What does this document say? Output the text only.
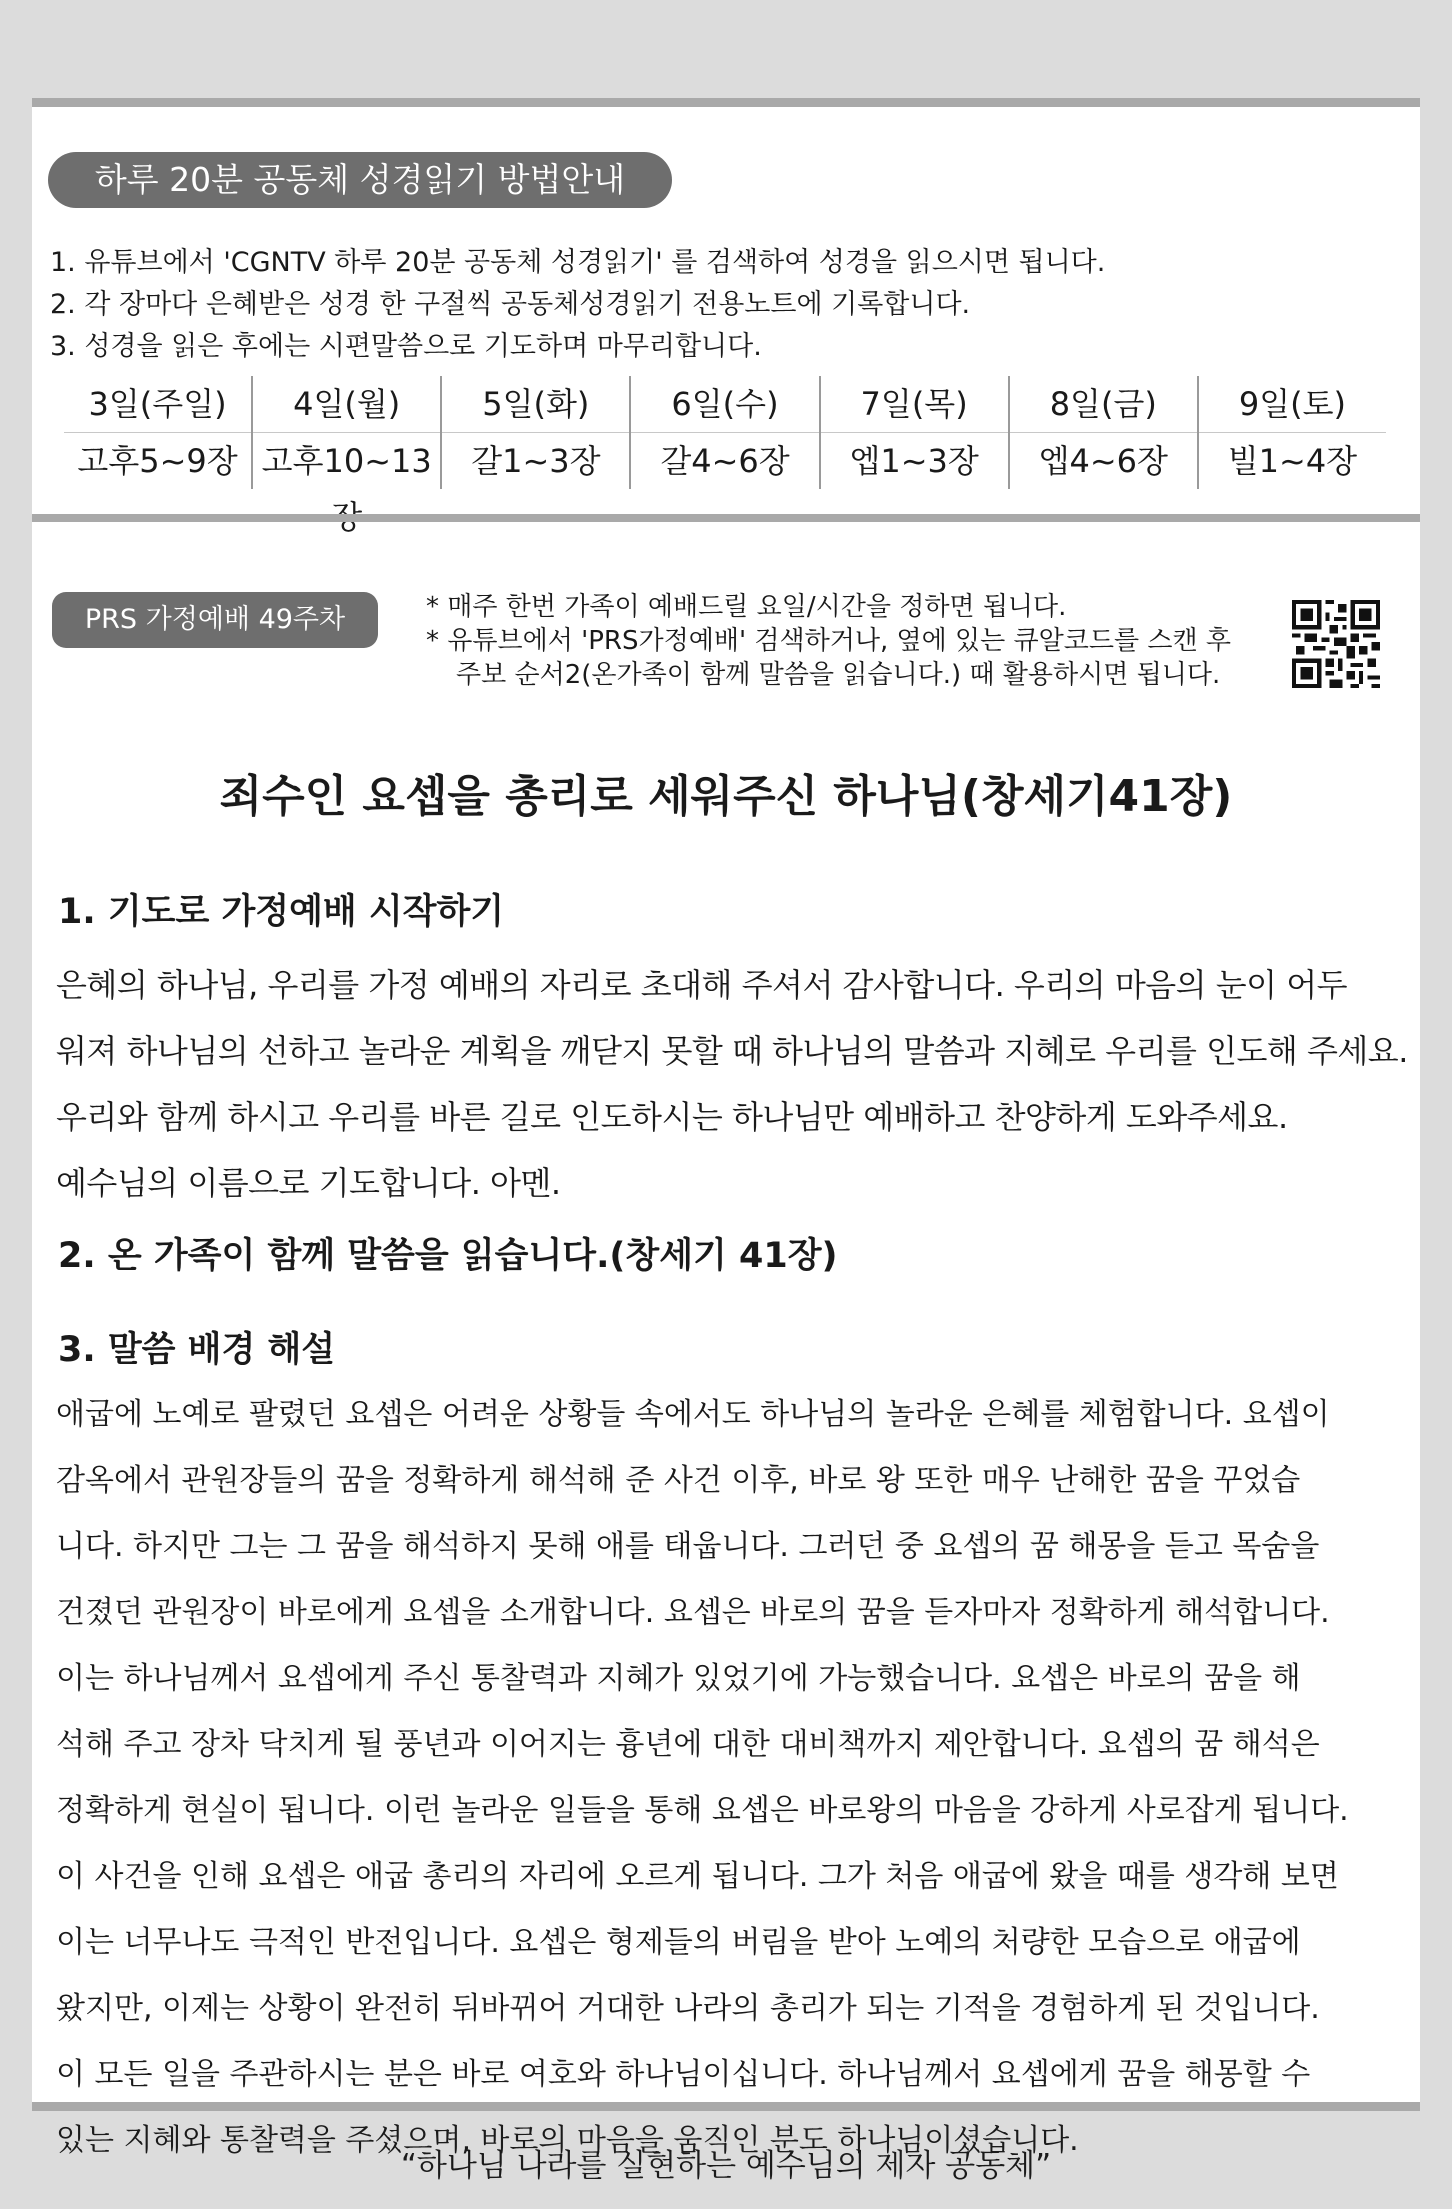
하루 20분 공동체 성경읽기 방법안내
1. 유튜브에서 'CGNTV 하루 20분 공동체 성경읽기' 를 검색하여 성경을 읽으시면 됩니다.
2. 각 장마다 은혜받은 성경 한 구절씩 공동체성경읽기 전용노트에 기록합니다.
3. 성경을 읽은 후에는 시편말씀으로 기도하며 마무리합니다.
3일(주일)
고후5~9장
4일(월)
고후10~13
5일(화)
갈1~3장
6일(수)
갈4~6장
7일(목)
엡1~3장
8일(금)
엡4~6장
9일(토)
빌1~4장
PRS 가정예배 49주차	* 매주 한번 가족이 예배드릴 요일/시간을 정하면 됩니다.
* 유튜브에서 'PRS가정예배' 검색하거나, 옆에 있는 큐알코드를 스캔 후
주보 순서2(온가족이 함께 말씀을 읽습니다.) 때 활용하시면 됩니다.
죄수인 요셉을 총리로 세워주신 하나님(창세기41장)
1. 기도로 가정예배 시작하기
은혜의 하나님, 우리를 가정 예배의 자리로 초대해 주셔서 감사합니다. 우리의 마음의 눈이 어두
워져 하나님의 선하고 놀라운 계획을 깨닫지 못할 때 하나님의 말씀과 지혜로 우리를 인도해 주세요.
우리와 함께 하시고 우리를 바른 길로 인도하시는 하나님만 예배하고 찬양하게 도와주세요.
예수님의 이름으로 기도합니다. 아멘.
2. 온 가족이 함께 말씀을 읽습니다.(창세기 41장)
3. 말씀 배경 해설
애굽에 노예로 팔렸던 요셉은 어려운 상황들 속에서도 하나님의 놀라운 은혜를 체험합니다. 요셉이
감옥에서 관원장들의 꿈을 정확하게 해석해 준 사건 이후, 바로 왕 또한 매우 난해한 꿈을 꾸었습
니다. 하지만 그는 그 꿈을 해석하지 못해 애를 태웁니다. 그러던 중 요셉의 꿈 해몽을 듣고 목숨을
건졌던 관원장이 바로에게 요셉을 소개합니다. 요셉은 바로의 꿈을 듣자마자 정확하게 해석합니다.
이는 하나님께서 요셉에게 주신 통찰력과 지혜가 있었기에 가능했습니다. 요셉은 바로의 꿈을 해
석해 주고 장차 닥치게 될 풍년과 이어지는 흉년에 대한 대비책까지 제안합니다. 요셉의 꿈 해석은
정확하게 현실이 됩니다. 이런 놀라운 일들을 통해 요셉은 바로왕의 마음을 강하게 사로잡게 됩니다.
이 사건을 인해 요셉은 애굽 총리의 자리에 오르게 됩니다. 그가 처음 애굽에 왔을 때를 생각해 보면
이는 너무나도 극적인 반전입니다. 요셉은 형제들의 버림을 받아 노예의 처량한 모습으로 애굽에
왔지만, 이제는 상황이 완전히 뒤바뀌어 거대한 나라의 총리가 되는 기적을 경험하게 된 것입니다.
이 모든 일을 주관하시는 분은 바로 여호와 하나님이십니다. 하나님께서 요셉에게 꿈을 해몽할 수
있는 지혜와 통찰력을 주셨으며, 바로의 마음을 움직인 분도 하나님이셨습니다.
“하나님 나라를 실현하는 예수님의 제자 공동체”
